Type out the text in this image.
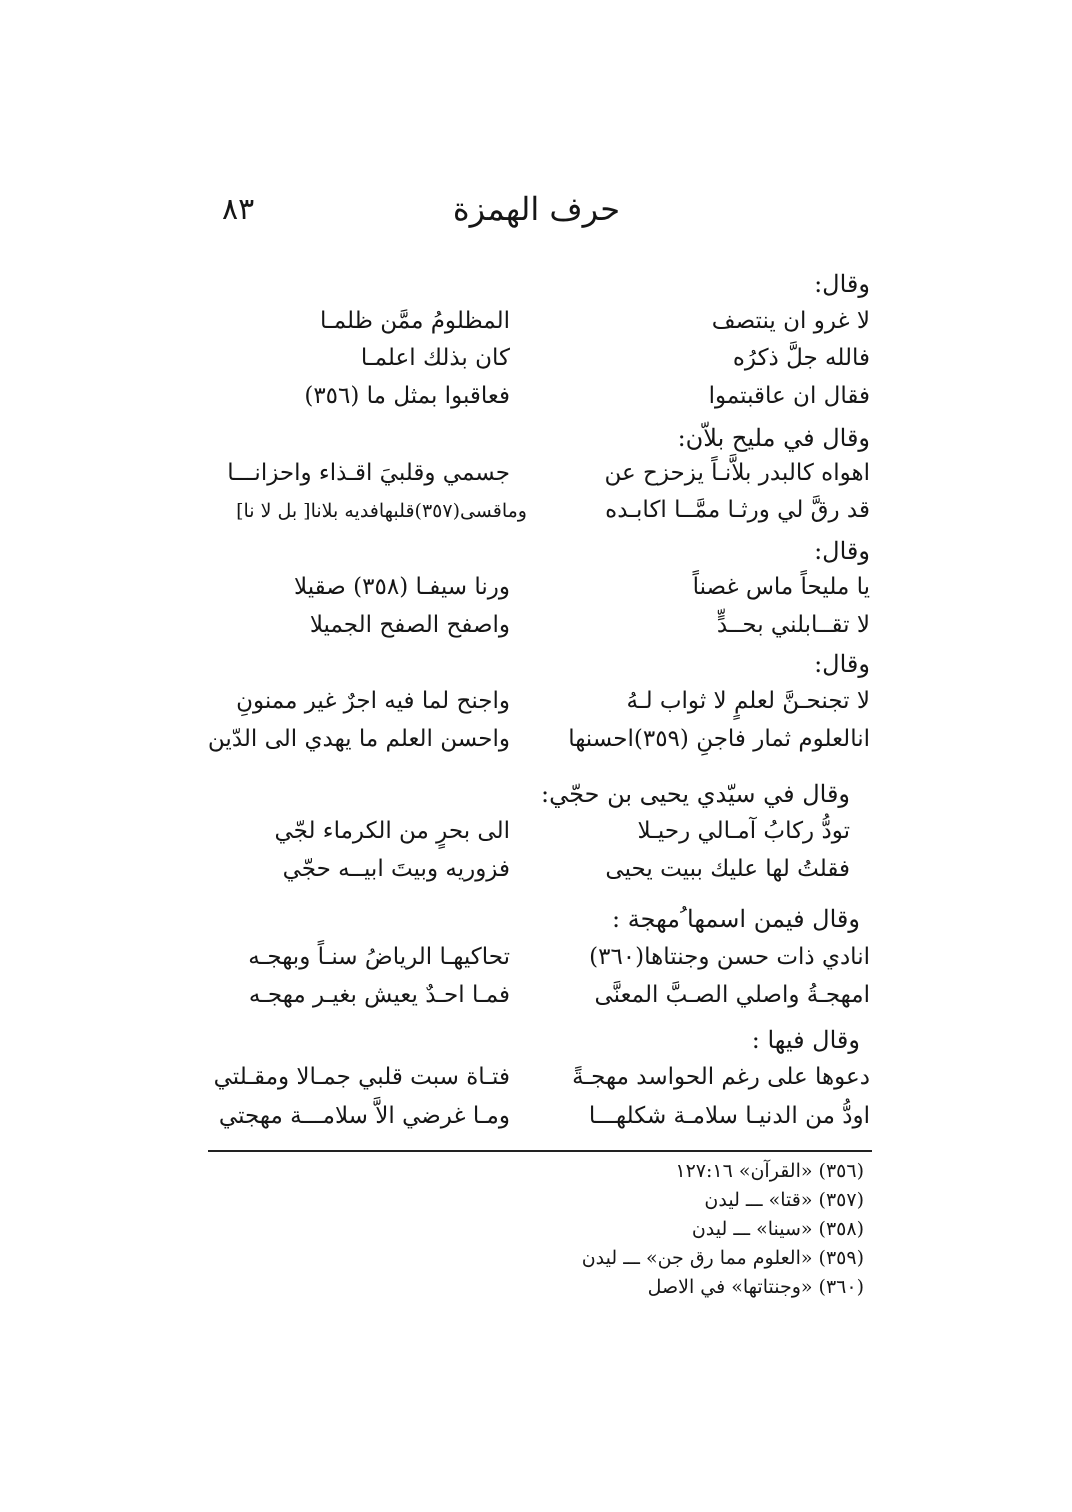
٨٣	حرف الهمزة
وقال:
لا غرو ان ينتصف
المظلومُ ممَّن ظلمـا
فالله جلَّ ذكرُه
كان بذلك اعلمـا
فقال ان عاقبتموا
فعاقبوا بمثل ما (٣٥٦)
وقال في مليح بلاّن:
اهواه كالبدر بلاَّنـاً يزحزح عن
جسمي وقلبيَ اقـذاء واحزانـــا
قد رقَّ لي ورثـا ممَّــا اكابـده
وماقسى(٣٥٧)قلبهافديه بلانا[ بل لا نا]
وقال:
يا مليحاً ماس غصناً
ورنا سيفـا (٣٥٨) صقيلا
لا تقــابلني بحــدٍّ
واصفح الصفح الجميلا
وقال:
لا تجنحـنَّ لعلمٍ لا ثواب لـهُ
واجنح لما فيه اجرٌ غير ممنونِ
انالعلوم ثمار فاجنِ (٣٥٩)احسنها
واحسن العلم ما يهدي الى الدّين
وقال في سيّدي يحيى بن حجّي:
تودُّ ركابُ آمـالي رحيـلا
الى بحرٍ من الكرماء لجّي
فقلتُ لها عليك ببيت يحيى
فزوريه وبيتَ ابيــه حجّي
وقال فيمن اسمها ُمهجة :
انادي ذات حسن وجنتاها(٣٦٠)
تحاكيهـا الرياضُ سنـاً وبهجـه
امهجـةُ واصلي الصـبَّ المعنَّى
فمـا احـدٌ يعيش بغيـر مهجـه
وقال فيها :
دعوها على رغم الحواسد مهجـةً
فتـاة سبت قلبي جمـالا ومقـلتي
اودُّ من الدنيـا سلامـة شكلهـــا
ومـا غرضي الاَّ سلامـــة مهجتي
(٣٥٦) «القرآن» ١٢٧:١٦
(٣٥٧) «قتا» ـــ ليدن
(٣٥٨) «سينا» ـــ ليدن
(٣٥٩) «العلوم مما رق جن» ـــ ليدن
(٣٦٠) «وجنتاتها» في الاصل
